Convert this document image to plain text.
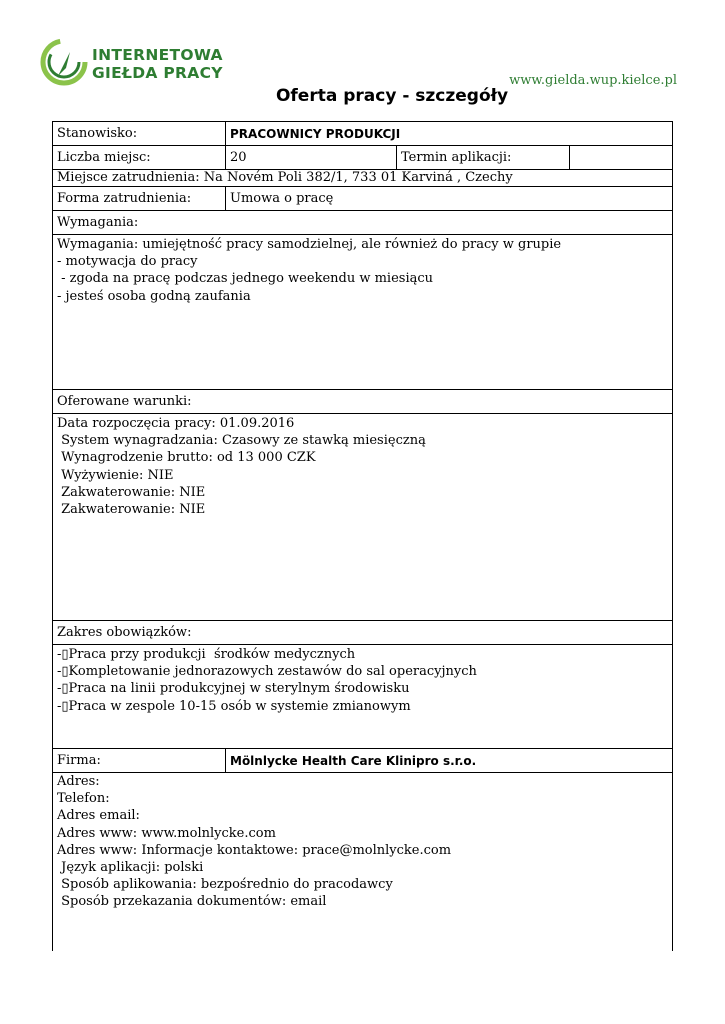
INTERNETOWA
GIEŁDA PRACY	www.gielda.wup.kielce.pl
Oferta pracy - szczegóły
Stanowisko:	PRACOWNICY PRODUKCJI
Liczba miejsc:	20	Termin aplikacji:
Miejsce zatrudnienia: Na Novém Poli 382/1, 733 01 Karviná , Czechy
Forma zatrudnienia:	Umowa o pracę
Wymagania:
Wymagania: umiejętność pracy samodzielnej, ale również do pracy w grupie
- motywacja do pracy
- zgoda na pracę podczas jednego weekendu w miesiącu
- jesteś osoba godną zaufania
Oferowane warunki:
Data rozpoczęcia pracy: 01.09.2016
System wynagradzania: Czasowy ze stawką miesięczną
Wynagrodzenie brutto: od 13 000 CZK
Wyżywienie: NIE
Zakwaterowanie: NIE
Zakwaterowanie: NIE
Zakres obowiązków:
-▯Praca przy produkcji  środków medycznych
-▯Kompletowanie jednorazowych zestawów do sal operacyjnych
-▯Praca na linii produkcyjnej w sterylnym środowisku
-▯Praca w zespole 10-15 osób w systemie zmianowym
Firma:	Mölnlycke Health Care Klinipro s.r.o.
Adres:
Telefon:
Adres email:
Adres www: www.molnlycke.com
Adres www: Informacje kontaktowe: prace@molnlycke.com
Język aplikacji: polski
Sposób aplikowania: bezpośrednio do pracodawcy
Sposób przekazania dokumentów: email
